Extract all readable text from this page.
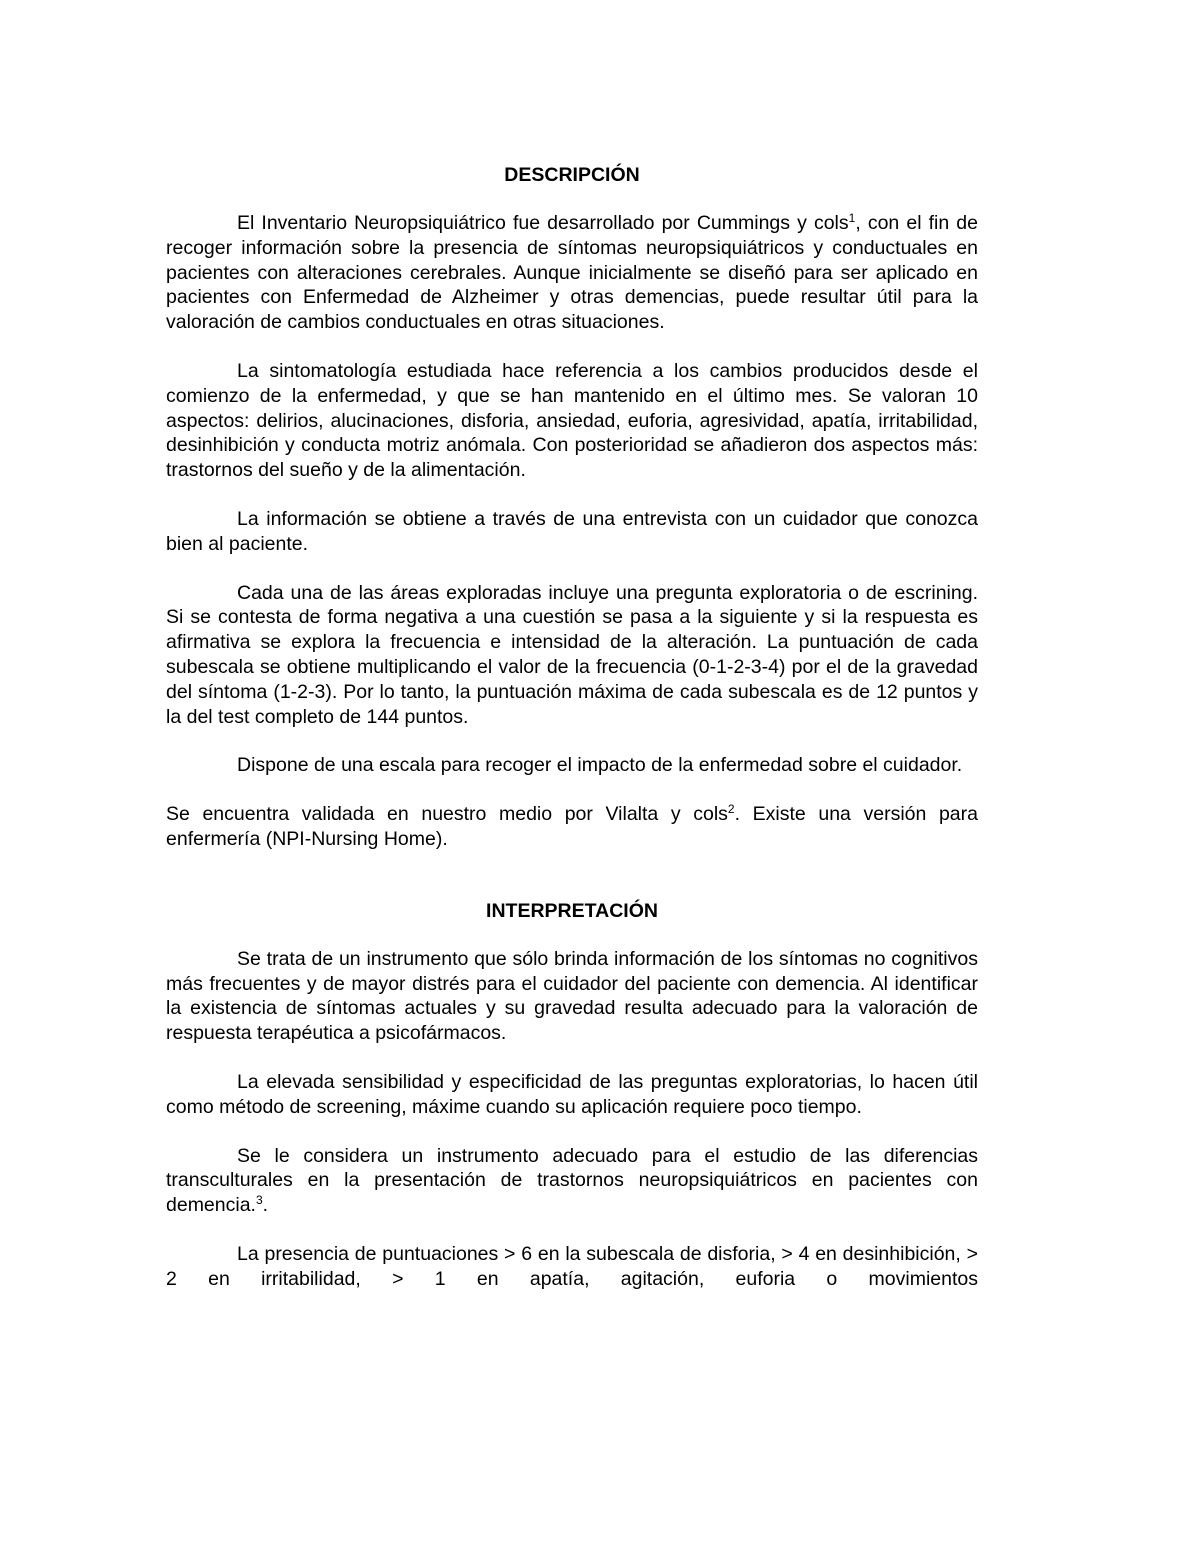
DESCRIPCIÓN

El Inventario Neuropsiquiátrico fue desarrollado por Cummings y cols$^1$, con el fin de recoger información sobre la presencia de síntomas neuropsiquiátricos y conductuales en pacientes con alteraciones cerebrales. Aunque inicialmente se diseñó para ser aplicado en pacientes con Enfermedad de Alzheimer y otras demencias, puede resultar útil para la valoración de cambios conductuales en otras situaciones.

La sintomatología estudiada hace referencia a los cambios producidos desde el comienzo de la enfermedad, y que se han mantenido en el último mes. Se valoran 10 aspectos: delirios, alucinaciones, disforia, ansiedad, euforia, agresividad, apatía, irritabilidad, desinhibición y conducta motriz anómala. Con posterioridad se añadieron dos aspectos más: trastornos del sueño y de la alimentación.

La información se obtiene a través de una entrevista con un cuidador que conozca bien al paciente.

Cada una de las áreas exploradas incluye una pregunta exploratoria o de escrining. Si se contesta de forma negativa a una cuestión se pasa a la siguiente y si la respuesta es afirmativa se explora la frecuencia e intensidad de la alteración. La puntuación de cada subescala se obtiene multiplicando el valor de la frecuencia (0-1-2-3-4) por el de la gravedad del síntoma (1-2-3). Por lo tanto, la puntuación máxima de cada subescala es de 12 puntos y la del test completo de 144 puntos.

Dispone de una escala para recoger el impacto de la enfermedad sobre el cuidador.

Se encuentra validada en nuestro medio por Vilalta y cols$^2$. Existe una versión para enfermería (NPI-Nursing Home).

INTERPRETACIÓN

Se trata de un instrumento que sólo brinda información de los síntomas no cognitivos más frecuentes y de mayor distrés para el cuidador del paciente con demencia. Al identificar la existencia de síntomas actuales y su gravedad resulta adecuado para la valoración de respuesta terapéutica a psicofármacos.

La elevada sensibilidad y especificidad de las preguntas exploratorias, lo hacen útil como método de screening, máxime cuando su aplicación requiere poco tiempo.

Se le considera un instrumento adecuado para el estudio de las diferencias transculturales en la presentación de trastornos neuropsiquiátricos en pacientes con demencia.$^3$.

La presencia de puntuaciones > 6 en la subescala de disforia, > 4 en desinhibición, > 2 en irritabilidad, > 1 en apatía, agitación, euforia o movimientos
